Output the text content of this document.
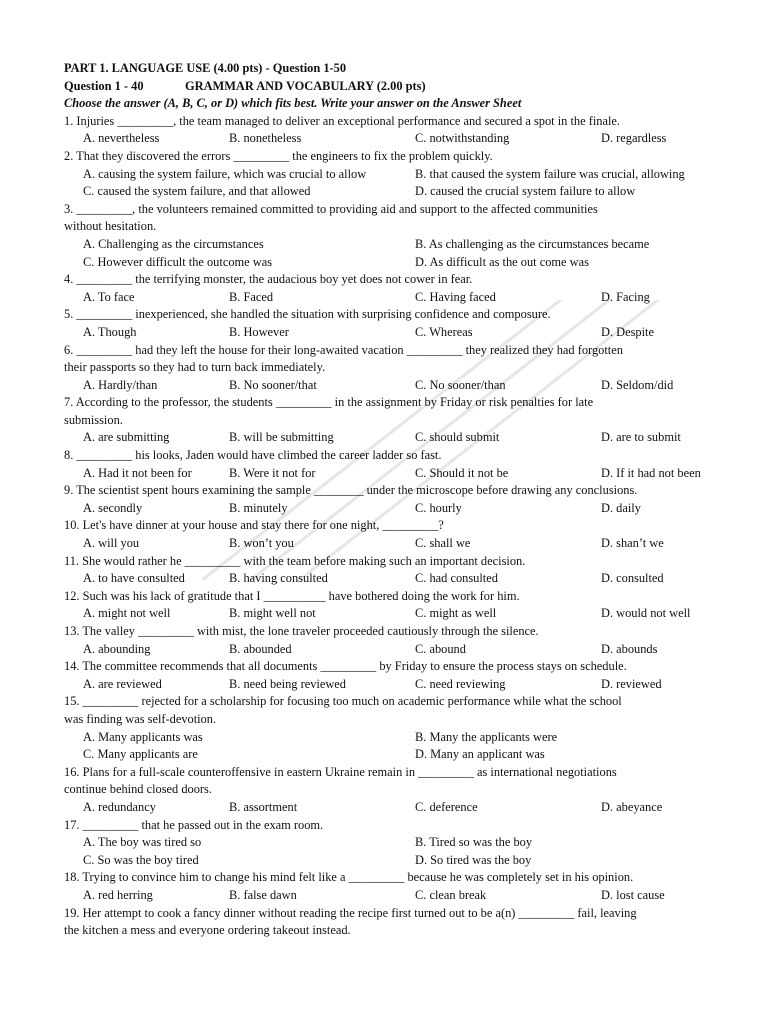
PART 1. LANGUAGE USE (4.00 pts) - Question 1-50
Question 1 - 40	GRAMMAR AND VOCABULARY (2.00 pts)
Choose the answer (A, B, C, or D) which fits best. Write your answer on the Answer Sheet
1. Injuries _________, the team managed to deliver an exceptional performance and secured a spot in the finale.
A. nevertheless	B. nonetheless	C. notwithstanding	D. regardless
2. That they discovered the errors _________ the engineers to fix the problem quickly.
A. causing the system failure, which was crucial to allow	B. that caused the system failure was crucial, allowing
C. caused the system failure, and that allowed	D. caused the crucial system failure to allow
3. _________, the volunteers remained committed to providing aid and support to the affected communities
without hesitation.
A. Challenging as the circumstances	B. As challenging as the circumstances became
C. However difficult the outcome was	D. As difficult as the out come was
4. _________ the terrifying monster, the audacious boy yet does not cower in fear.
A. To face	B. Faced	C. Having faced	D. Facing
5. _________ inexperienced, she handled the situation with surprising confidence and composure.
A. Though	B. However	C. Whereas	D. Despite
6. _________ had they left the house for their long-awaited vacation _________ they realized they had forgotten
their passports so they had to turn back immediately.
A. Hardly/than	B. No sooner/that	C. No sooner/than	D. Seldom/did
7. According to the professor, the students _________ in the assignment by Friday or risk penalties for late
submission.
A. are submitting	B. will be submitting	C. should submit	D. are to submit
8. _________ his looks, Jaden would have climbed the career ladder so fast.
A. Had it not been for	B. Were it not for	C. Should it not be	D. If it had not been
9. The scientist spent hours examining the sample ________ under the microscope before drawing any conclusions.
A. secondly	B. minutely	C. hourly	D. daily
10. Let's have dinner at your house and stay there for one night, _________?
A. will you	B. won’t you	C. shall we	D. shan’t we
11. She would rather he _________ with the team before making such an important decision.
A. to have consulted	B. having consulted	C. had consulted	D. consulted
12. Such was his lack of gratitude that I __________ have bothered doing the work for him.
A. might not well	B. might well not	C. might as well	D. would not well
13. The valley _________ with mist, the lone traveler proceeded cautiously through the silence.
A. abounding	B. abounded	C. abound	D. abounds
14. The committee recommends that all documents _________ by Friday to ensure the process stays on schedule.
A. are reviewed	B. need being reviewed	C. need reviewing	D. reviewed
15. _________ rejected for a scholarship for focusing too much on academic performance while what the school
was finding was self-devotion.
A. Many applicants was	B. Many the applicants were
C. Many applicants are	D. Many an applicant was
16. Plans for a full-scale counteroffensive in eastern Ukraine remain in _________ as international negotiations
continue behind closed doors.
A. redundancy	B. assortment	C. deference	D. abeyance
17. _________ that he passed out in the exam room.
A. The boy was tired so	B. Tired so was the boy
C. So was the boy tired	D. So tired was the boy
18. Trying to convince him to change his mind felt like a _________ because he was completely set in his opinion.
A. red herring	B. false dawn	C. clean break	D. lost cause
19. Her attempt to cook a fancy dinner without reading the recipe first turned out to be a(n) _________ fail, leaving
the kitchen a mess and everyone ordering takeout instead.
